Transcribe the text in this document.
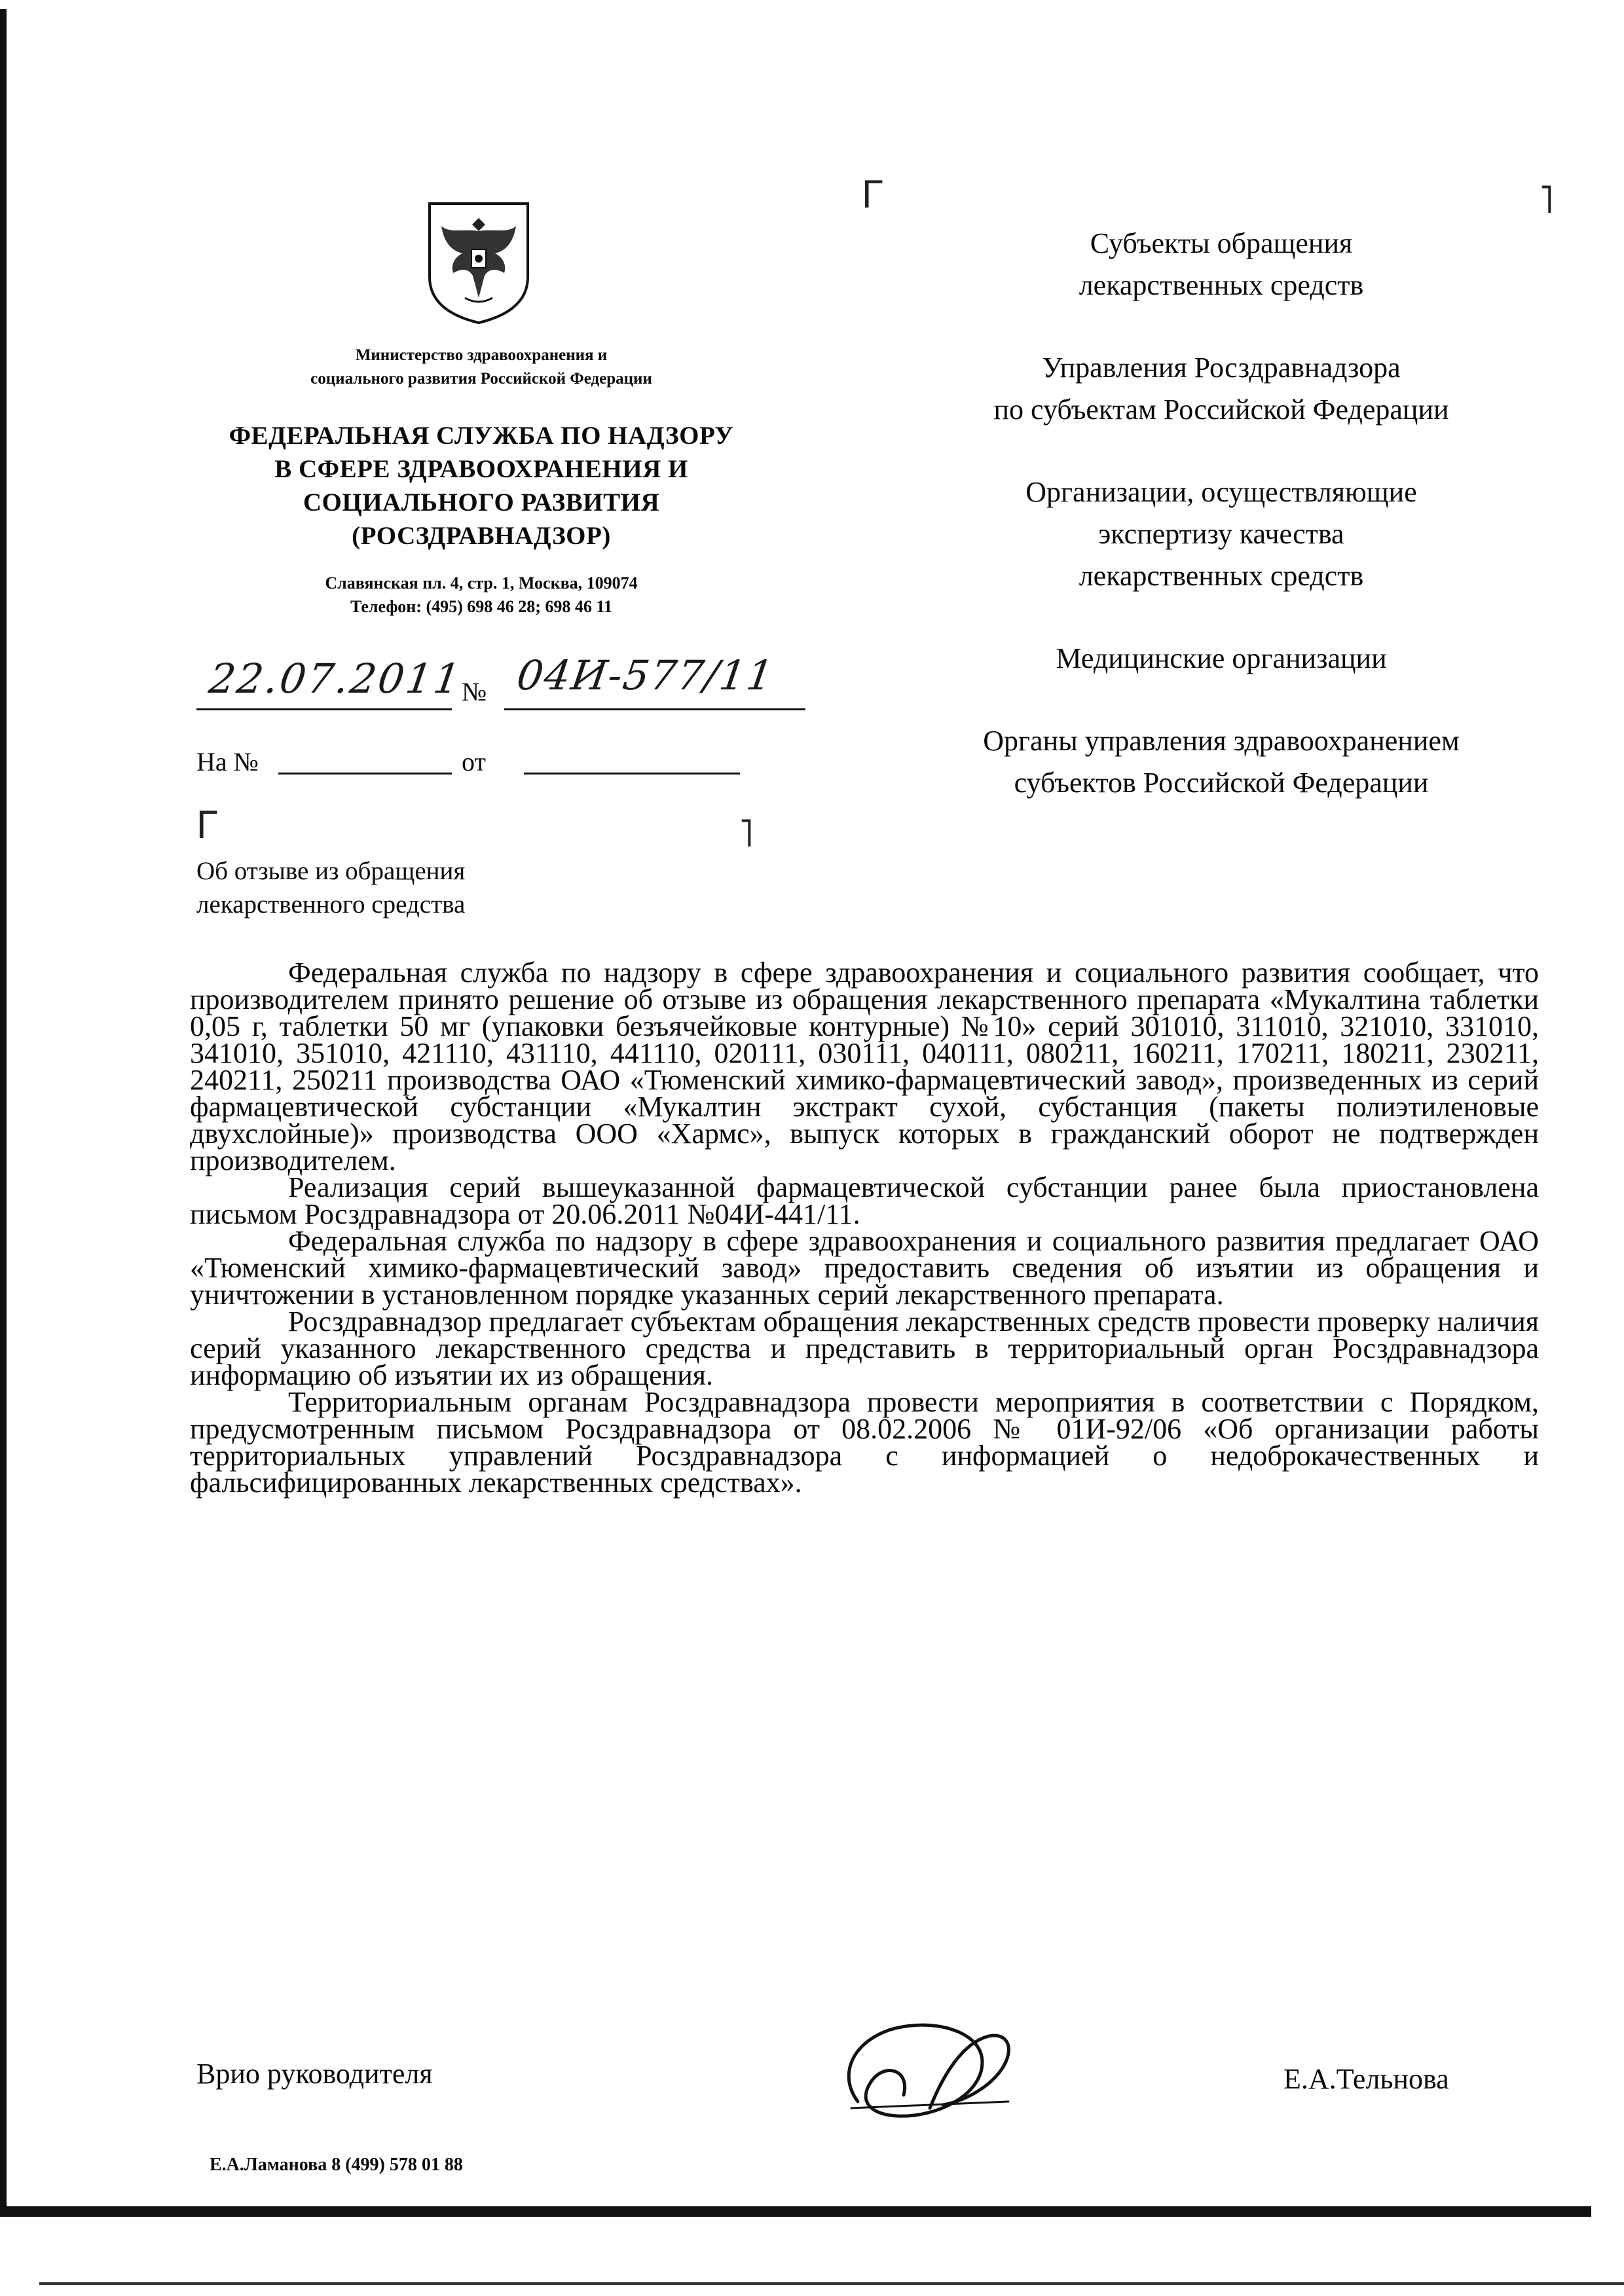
Министерство здравоохранения и
социального развития Российской Федерации
ФЕДЕРАЛЬНАЯ СЛУЖБА ПО НАДЗОРУ
В СФЕРЕ ЗДРАВООХРАНЕНИЯ И
СОЦИАЛЬНОГО РАЗВИТИЯ
(РОСЗДРАВНАДЗОР)
Славянская пл. 4, стр. 1, Москва, 109074
Телефон: (495) 698 46 28; 698 46 11
22.07.2011
№ 04И-577/11
На №	от
Г	˥
Об отзыве из обращения
лекарственного средства
Г	˥
Субъекты обращения
лекарственных средств
Управления Росздравнадзора
по субъектам Российской Федерации
Организации, осуществляющие
экспертизу качества
лекарственных средств
Медицинские организации
Органы управления здравоохранением
субъектов Российской Федерации

Федеральная служба по надзору в сфере здравоохранения и социального развития сообщает, что производителем принято решение об отзыве из обращения лекарственного препарата «Мукалтина таблетки 0,05 г, таблетки 50 мг (упаковки безъячейковые контурные) №10» серий 301010, 311010, 321010, 331010, 341010, 351010, 421110, 431110, 441110, 020111, 030111, 040111, 080211, 160211, 170211, 180211, 230211, 240211, 250211 производства ОАО «Тюменский химико-фармацевтический завод», произведенных из серий фармацевтической субстанции «Мукалтин экстракт сухой, субстанция (пакеты полиэтиленовые двухслойные)» производства ООО «Хармс», выпуск которых в гражданский оборот не подтвержден производителем.

Реализация серий вышеуказанной фармацевтической субстанции ранее была приостановлена письмом Росздравнадзора от 20.06.2011 №04И-441/11.

Федеральная служба по надзору в сфере здравоохранения и социального развития предлагает ОАО «Тюменский химико-фармацевтический завод» предоставить сведения об изъятии из обращения и уничтожении в установленном порядке указанных серий лекарственного препарата.

Росздравнадзор предлагает субъектам обращения лекарственных средств провести проверку наличия серий указанного лекарственного средства и представить в территориальный орган Росздравнадзора информацию об изъятии их из обращения.

Территориальным органам Росздравнадзора провести мероприятия в соответствии с Порядком, предусмотренным письмом Росздравнадзора от 08.02.2006 № 01И-92/06 «Об организации работы территориальных управлений Росздравнадзора с информацией о недоброкачественных и фальсифицированных лекарственных средствах».

Врио руководителя	Е.А.Тельнова
Е.А.Ламанова 8 (499) 578 01 88
